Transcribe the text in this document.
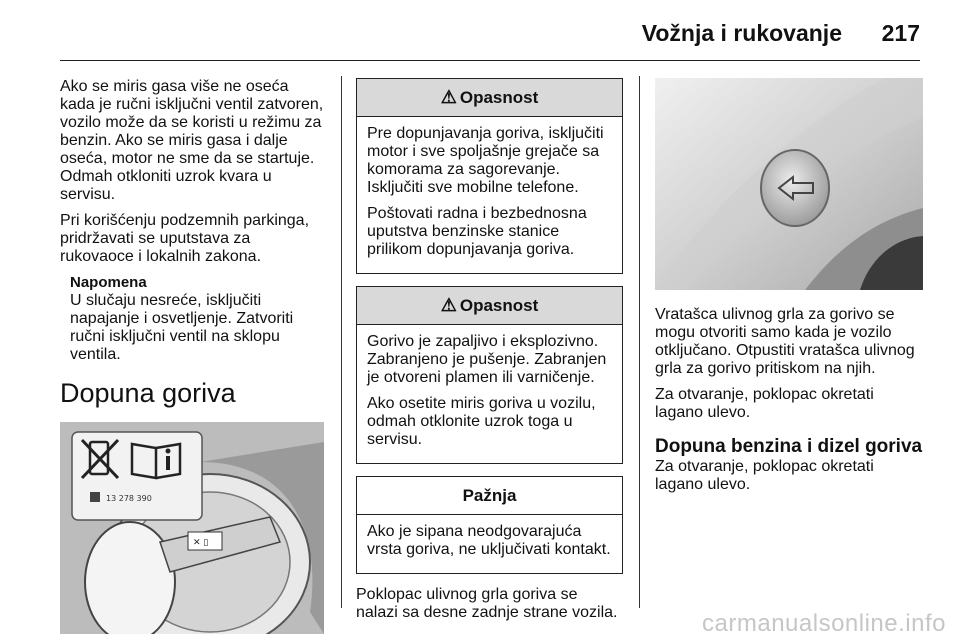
Vožnja i rukovanje 217

Ako se miris gasa više ne oseća kada je ručni isključni ventil zatvoren, vozilo može da se koristi u režimu za benzin. Ako se miris gasa i dalje oseća, motor ne sme da se startuje. Odmah otkloniti uzrok kvara u servisu.

Pri korišćenju podzemnih parkinga, pridržavati se uputstava za rukovaoce i lokalnih zakona.

Napomena
U slučaju nesreće, isključiti napajanje i osvetljenje. Zatvoriti ručni isključni ventil na sklopu ventila.
Dopuna goriva
✕ ▯
13 278 390
⚠ Opasnost

Pre dopunjavanja goriva, isključiti motor i sve spoljašnje grejače sa komorama za sagorevanje. Isključiti sve mobilne telefone.

Poštovati radna i bezbednosna uputstva benzinske stanice prilikom dopunjavanja goriva.

⚠ Opasnost

Gorivo je zapaljivo i eksplozivno. Zabranjeno je pušenje. Zabranjen je otvoreni plamen ili varničenje.

Ako osetite miris goriva u vozilu, odmah otklonite uzrok toga u servisu.

Pažnja

Ako je sipana neodgovarajuća vrsta goriva, ne uključivati kontakt.

Poklopac ulivnog grla goriva se nalazi sa desne zadnje strane vozila.

Vratašca ulivnog grla za gorivo se mogu otvoriti samo kada je vozilo otključano. Otpustiti vratašca ulivnog grla za gorivo pritiskom na njih.

Za otvaranje, poklopac okretati lagano ulevo.

Dopuna benzina i dizel goriva

Za otvaranje, poklopac okretati lagano ulevo.

carmanualsonline.info
